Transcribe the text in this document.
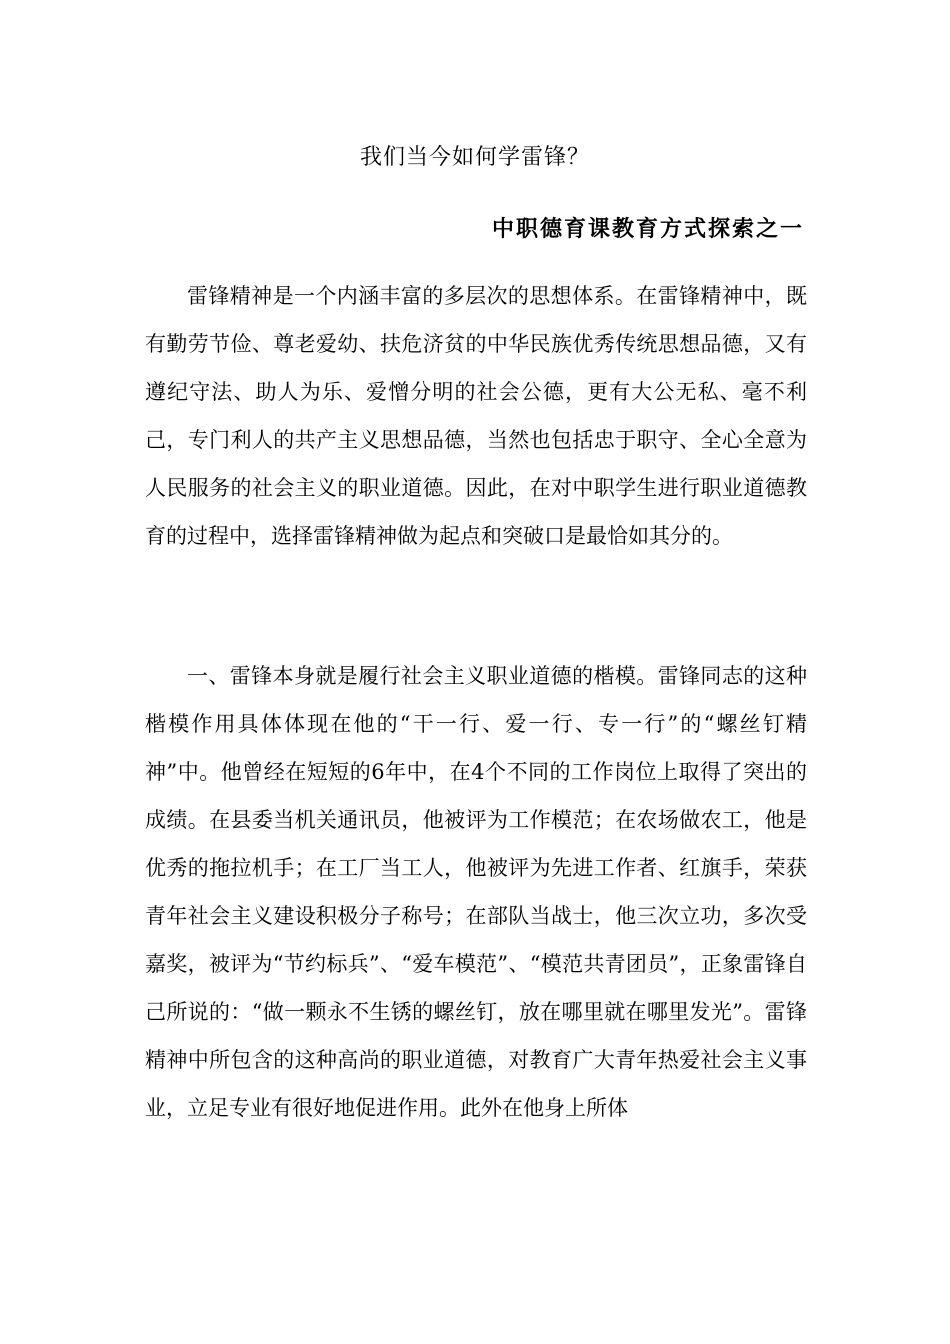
我们当今如何学雷锋？
中职德育课教育方式探索之一

雷锋精神是一个内涵丰富的多层次的思想体系。在雷锋精神中，既有勤劳节俭、尊老爱幼、扶危济贫的中华民族优秀传统思想品德，又有遵纪守法、助人为乐、爱憎分明的社会公德，更有大公无私、毫不利己，专门利人的共产主义思想品德，当然也包括忠于职守、全心全意为人民服务的社会主义的职业道德。因此，在对中职学生进行职业道德教育的过程中，选择雷锋精神做为起点和突破口是最恰如其分的。

一、雷锋本身就是履行社会主义职业道德的楷模。雷锋同志的这种楷模作用具体体现在他的“干一行、爱一行、专一行”的“螺丝钉精神”中。他曾经在短短的6年中，在4个不同的工作岗位上取得了突出的成绩。在县委当机关通讯员，他被评为工作模范；在农场做农工，他是优秀的拖拉机手；在工厂当工人，他被评为先进工作者、红旗手，荣获青年社会主义建设积极分子称号；在部队当战士，他三次立功，多次受嘉奖，被评为“节约标兵”、“爱车模范”、“模范共青团员”，正象雷锋自己所说的：“做一颗永不生锈的螺丝钉，放在哪里就在哪里发光”。雷锋精神中所包含的这种高尚的职业道德，对教育广大青年热爱社会主义事业，立足专业有很好地促进作用。此外在他身上所体
